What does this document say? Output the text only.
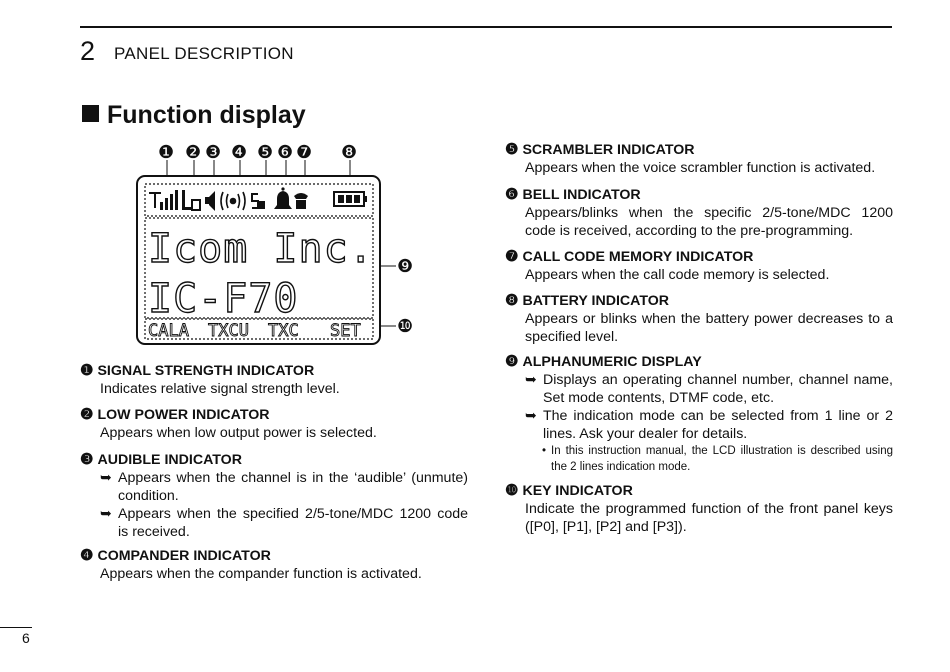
2 PANEL DESCRIPTION
Function display
Icom Inc.
IC-F70
CALA TXCU TXC SET
❶ ❷ ❸ ❹ ❺ ❻ ❼ ❽
❾
❿
❶ SIGNAL STRENGTH INDICATOR
Indicates relative signal strength level.
❷ LOW POWER INDICATOR
Appears when low output power is selected.
❸ AUDIBLE INDICATOR
➥ Appears when the channel is in the ‘audible’ (unmute) condition.
➥ Appears when the specified 2/5-tone/MDC 1200 code is received.
❹ COMPANDER INDICATOR
Appears when the compander function is activated.
❺ SCRAMBLER INDICATOR
Appears when the voice scrambler function is activated.
❻ BELL INDICATOR
Appears/blinks when the specific 2/5-tone/MDC 1200 code is received, according to the pre-programming.
❼ CALL CODE MEMORY INDICATOR
Appears when the call code memory is selected.
❽ BATTERY INDICATOR
Appears or blinks when the battery power decreases to a specified level.
❾ ALPHANUMERIC DISPLAY
➥ Displays an operating channel number, channel name, Set mode contents, DTMF code, etc.
➥ The indication mode can be selected from 1 line or 2 lines. Ask your dealer for details.
• In this instruction manual, the LCD illustration is described using the 2 lines indication mode.
❿ KEY INDICATOR
Indicate the programmed function of the front panel keys ([P0], [P1], [P2] and [P3]).
6
